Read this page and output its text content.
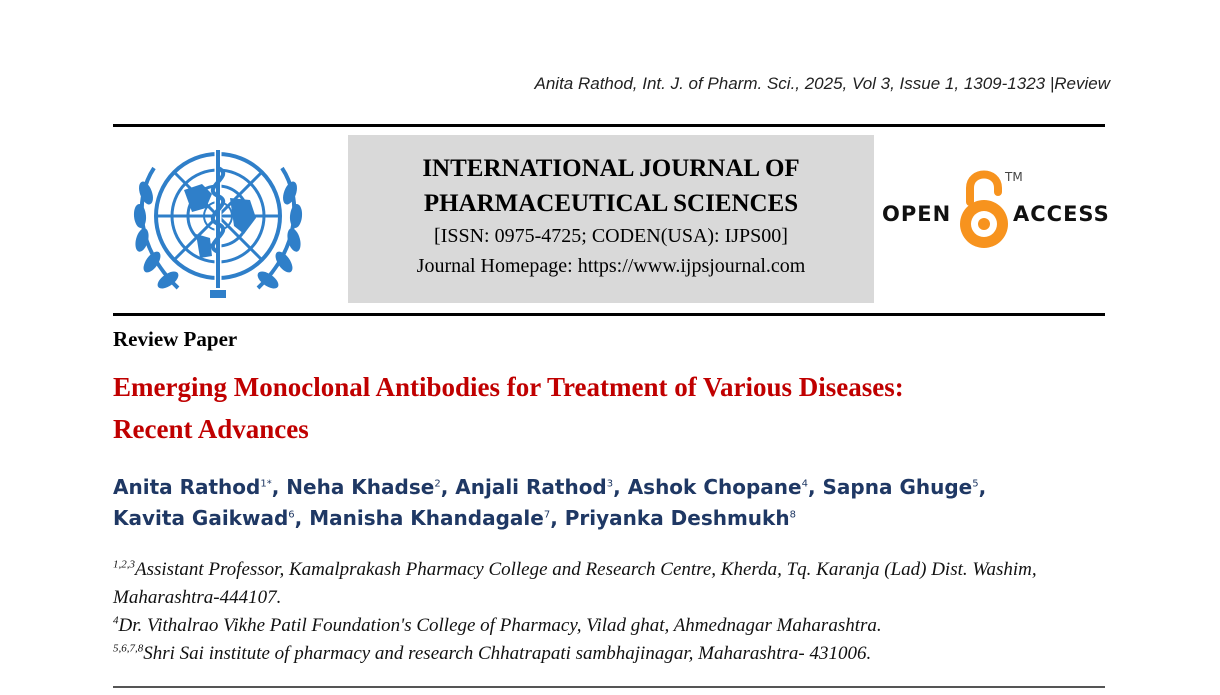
Anita Rathod, Int. J. of Pharm. Sci., 2025, Vol 3, Issue 1, 1309-1323 |Review
INTERNATIONAL JOURNAL OF
PHARMACEUTICAL SCIENCES
[ISSN: 0975-4725; CODEN(USA): IJPS00]
Journal Homepage: https://www.ijpsjournal.com
OPEN
TM
ACCESS
Review Paper
Emerging Monoclonal Antibodies for Treatment of Various Diseases:
Recent Advances
Anita Rathod$^{1*}$, Neha Khadse$^2$, Anjali Rathod$^3$, Ashok Chopane$^4$, Sapna Ghuge$^5$,
Kavita Gaikwad$^6$, Manisha Khandagale$^7$, Priyanka Deshmukh$^8$
$^{1,2,3}$Assistant Professor, Kamalprakash Pharmacy College and Research Centre, Kherda, Tq. Karanja (Lad) Dist. Washim, Maharashtra-444107.
$^4$Dr. Vithalrao Vikhe Patil Foundation's College of Pharmacy, Vilad ghat, Ahmednagar Maharashtra.
$^{5,6,7,8}$Shri Sai institute of pharmacy and research Chhatrapati sambhajinagar, Maharashtra- 431006.
